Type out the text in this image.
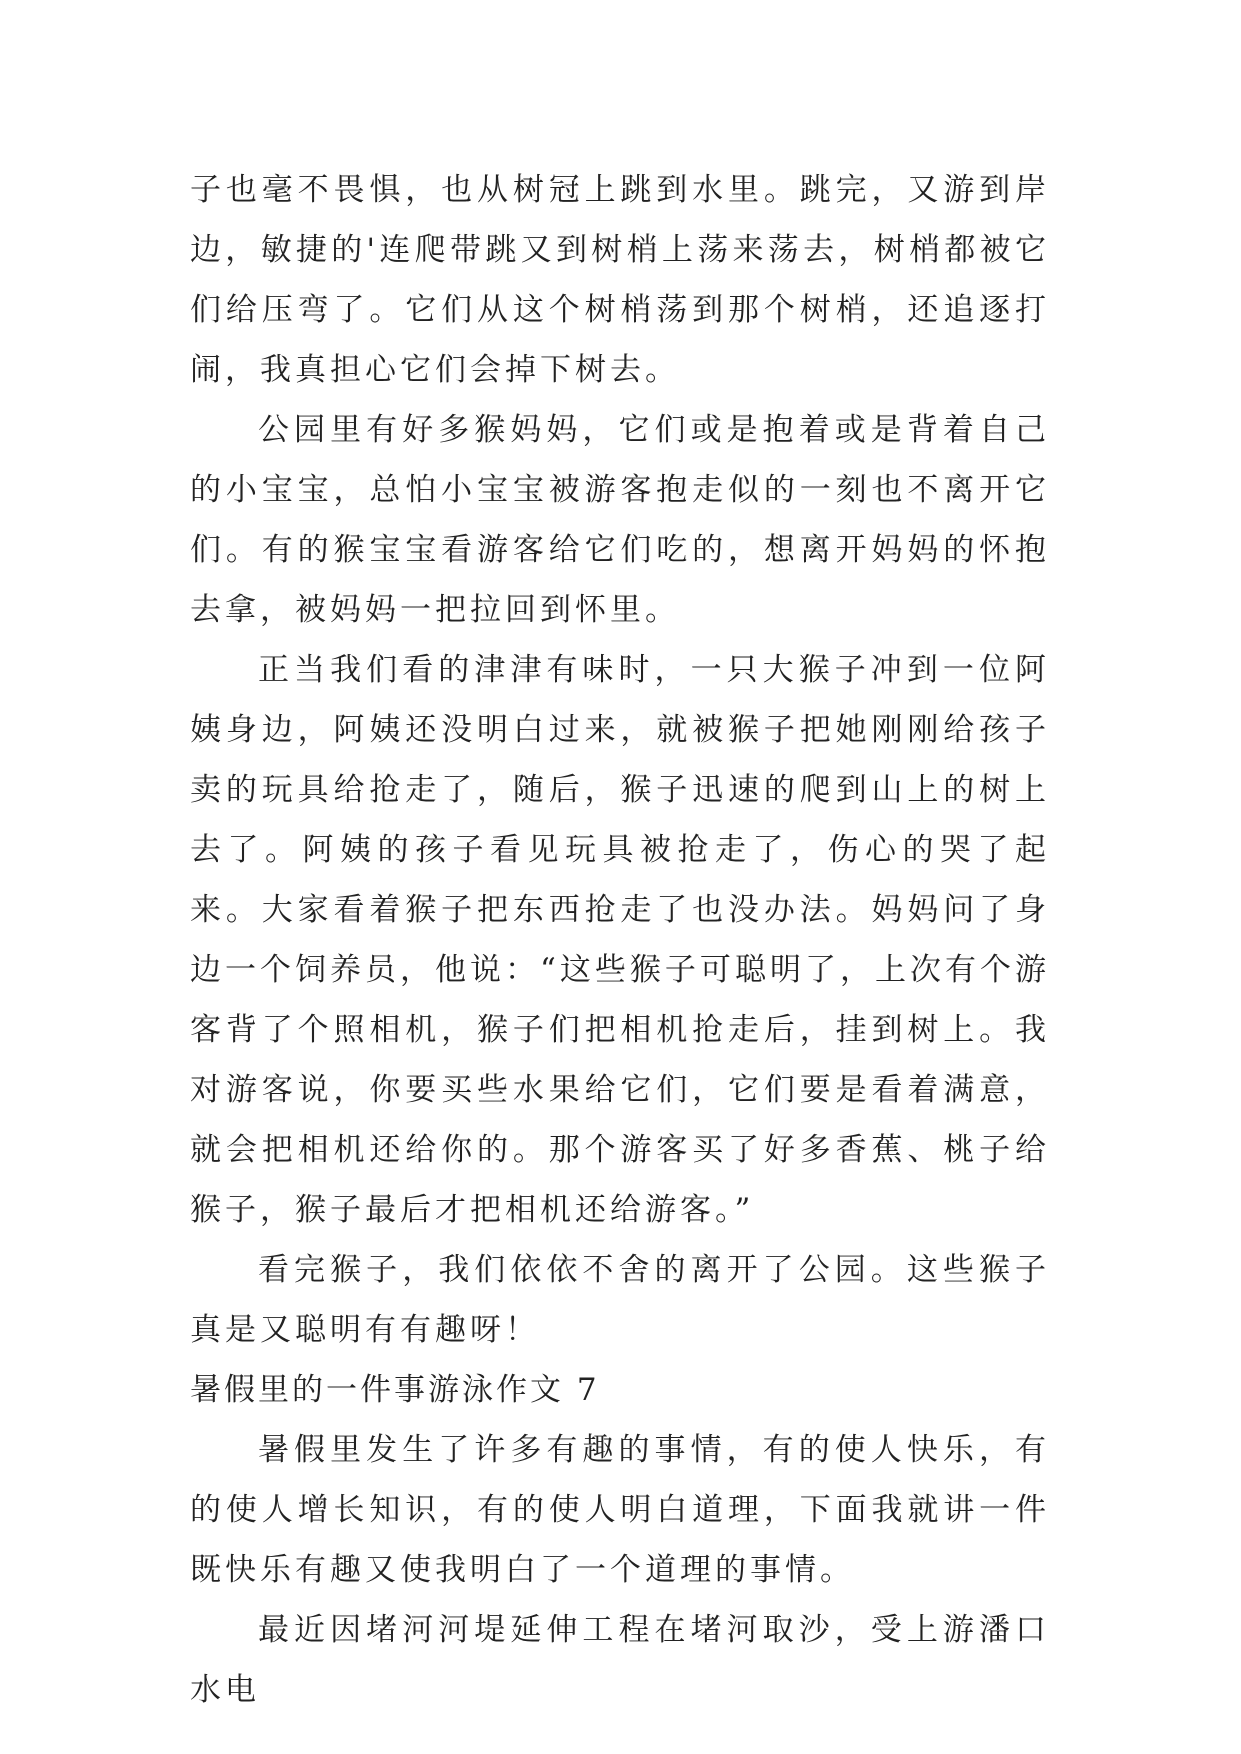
子也毫不畏惧，也从树冠上跳到水里。跳完，又游到岸边，敏捷的'连爬带跳又到树梢上荡来荡去，树梢都被它们给压弯了。它们从这个树梢荡到那个树梢，还追逐打闹，我真担心它们会掉下树去。

公园里有好多猴妈妈，它们或是抱着或是背着自己的小宝宝，总怕小宝宝被游客抱走似的一刻也不离开它们。有的猴宝宝看游客给它们吃的，想离开妈妈的怀抱去拿，被妈妈一把拉回到怀里。

正当我们看的津津有味时，一只大猴子冲到一位阿姨身边，阿姨还没明白过来，就被猴子把她刚刚给孩子卖的玩具给抢走了，随后，猴子迅速的爬到山上的树上去了。阿姨的孩子看见玩具被抢走了，伤心的哭了起来。大家看着猴子把东西抢走了也没办法。妈妈问了身边一个饲养员，他说：“这些猴子可聪明了，上次有个游客背了个照相机，猴子们把相机抢走后，挂到树上。我对游客说，你要买些水果给它们，它们要是看着满意，就会把相机还给你的。那个游客买了好多香蕉、桃子给猴子，猴子最后才把相机还给游客。”

看完猴子，我们依依不舍的离开了公园。这些猴子真是又聪明有有趣呀！

暑假里的一件事游泳作文 7

暑假里发生了许多有趣的事情，有的使人快乐，有的使人增长知识，有的使人明白道理，下面我就讲一件既快乐有趣又使我明白了一个道理的事情。

最近因堵河河堤延伸工程在堵河取沙，受上游潘口水电
